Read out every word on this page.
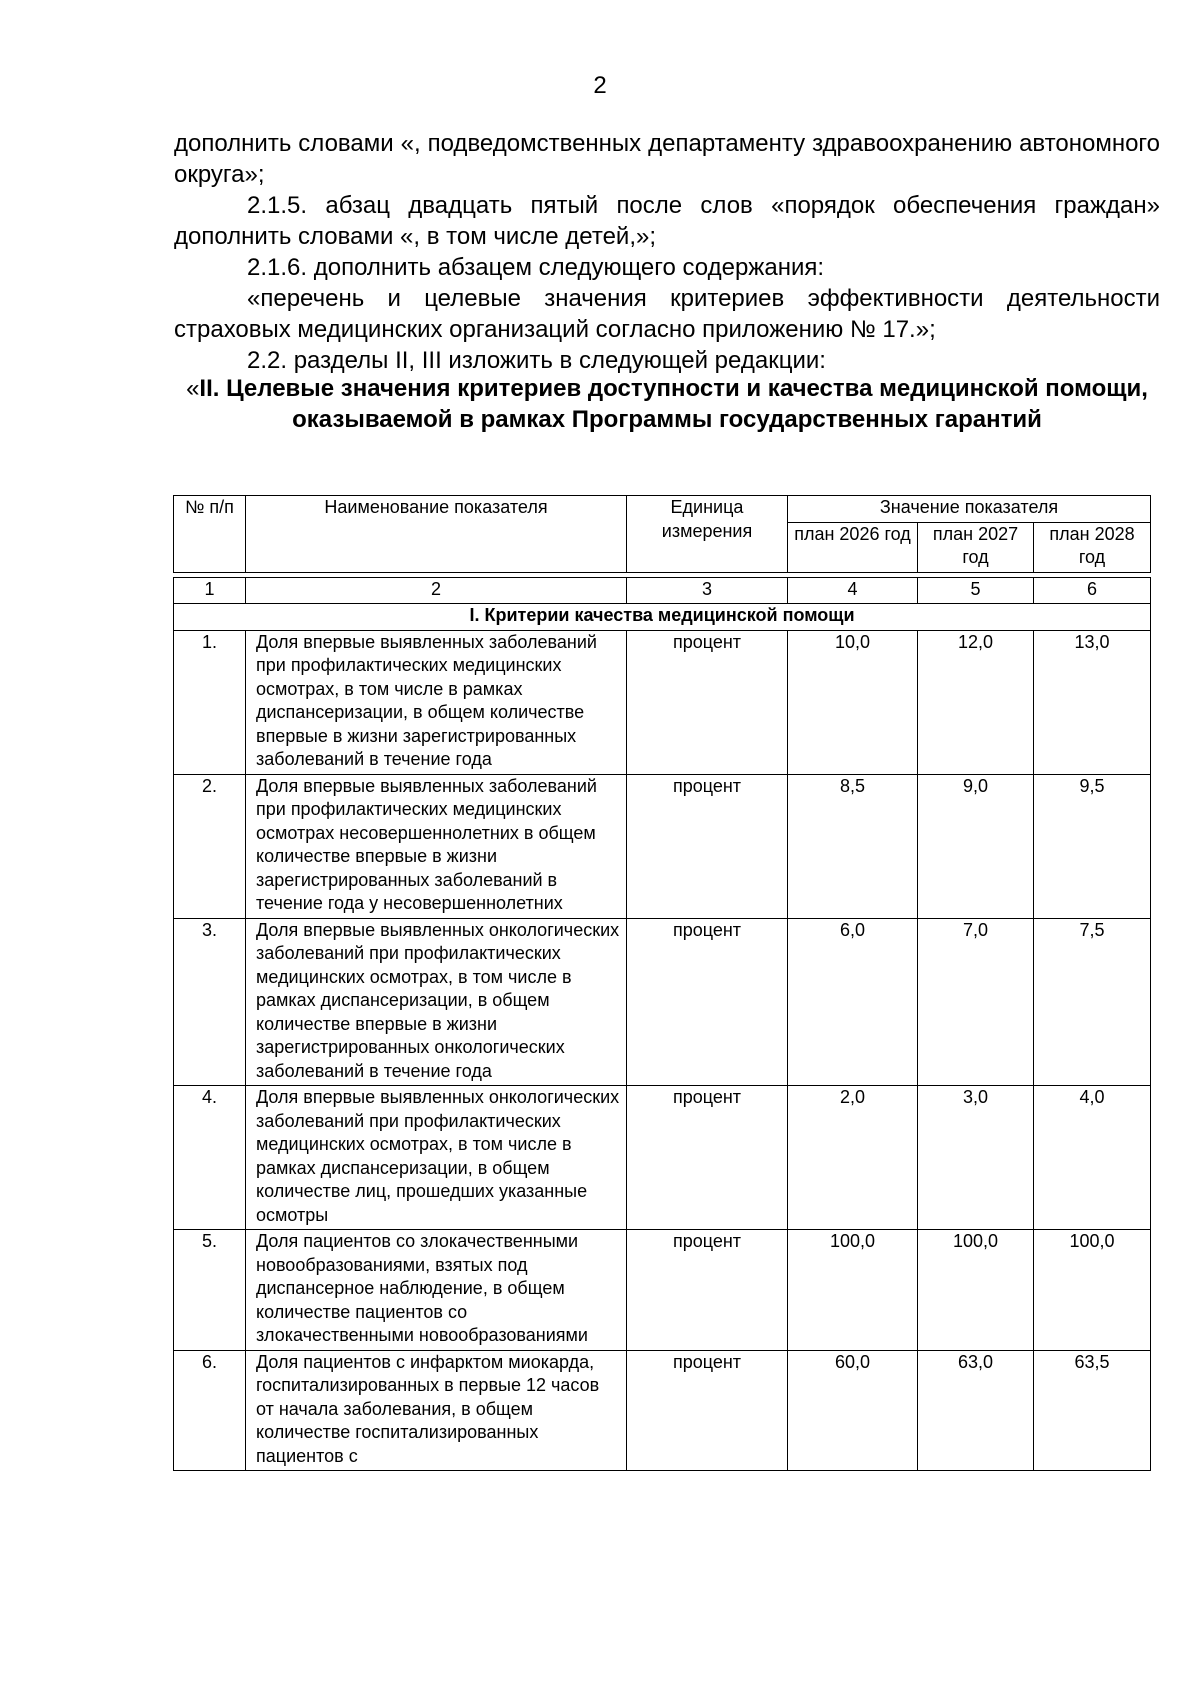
2

дополнить словами «, подведомственных департаменту здравоохранению автономного округа»;

2.1.5. абзац двадцать пятый после слов «порядок обеспечения граждан» дополнить словами «, в том числе детей,»;

2.1.6. дополнить абзацем следующего содержания:

«перечень и целевые значения критериев эффективности деятельности страховых медицинских организаций согласно приложению № 17.»;

2.2. разделы II, III изложить в следующей редакции:

«II. Целевые значения критериев доступности и качества медицинской помощи, оказываемой в рамках Программы государственных гарантий
№ п/п	Наименование показателя	Единица измерения	Значение показателя		
			план 2026 год	план 2027 год	план 2028 год

1	2	3	4	5	6
I. Критерии качества медицинской помощи					
1.	Доля впервые выявленных заболеваний при профилактических медицинских осмотрах, в том числе в рамках диспансеризации, в общем количестве впервые в жизни зарегистрированных заболеваний в течение года	процент	10,0	12,0	13,0
2.	Доля впервые выявленных заболеваний при профилактических медицинских осмотрах несовершеннолетних в общем количестве впервые в жизни зарегистрированных заболеваний в течение года у несовершеннолетних	процент	8,5	9,0	9,5
3.	Доля впервые выявленных онкологических заболеваний при профилактических медицинских осмотрах, в том числе в рамках диспансеризации, в общем количестве впервые в жизни зарегистрированных онкологических заболеваний в течение года	процент	6,0	7,0	7,5
4.	Доля впервые выявленных онкологических заболеваний при профилактических медицинских осмотрах, в том числе в рамках диспансеризации, в общем количестве лиц, прошедших указанные осмотры	процент	2,0	3,0	4,0
5.	Доля пациентов со злокачественными новообразованиями, взятых под диспансерное наблюдение, в общем количестве пациентов со злокачественными новообразованиями	процент	100,0	100,0	100,0
6.	Доля пациентов с инфарктом миокарда, госпитализированных в первые 12 часов от начала заболевания, в общем количестве госпитализированных пациентов с	процент	60,0	63,0	63,5
